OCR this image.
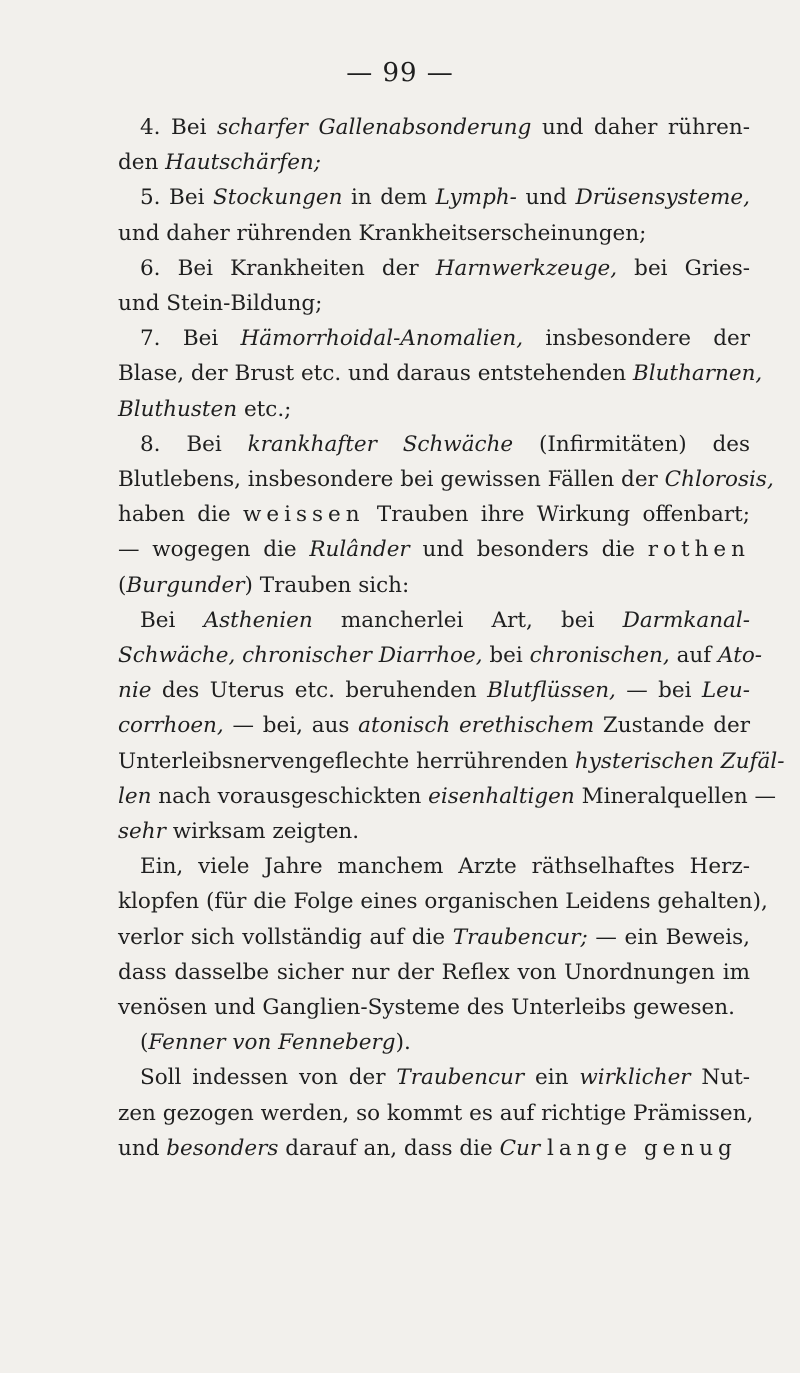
— 99 —
4. Bei scharfer Gallenabsonderung und daher rühren-
den Hautschärfen;
5. Bei Stockungen in dem Lymph- und Drüsensysteme,
und daher rührenden Krankheitserscheinungen;
6. Bei Krankheiten der Harnwerkzeuge, bei Gries-
und Stein-Bildung;
7. Bei Hämorrhoidal-Anomalien, insbesondere der
Blase, der Brust etc. und daraus entstehenden Blutharnen,
Bluthusten etc.;
8. Bei krankhafter Schwäche (Infirmitäten) des
Blutlebens, insbesondere bei gewissen Fällen der Chlorosis,
haben die weissen Trauben ihre Wirkung offenbart;
— wogegen die Rulânder und besonders die rothen
(Burgunder) Trauben sich:
Bei Asthenien mancherlei Art, bei Darmkanal-
Schwäche, chronischer Diarrhoe, bei chronischen, auf Ato-
nie des Uterus etc. beruhenden Blutflüssen, — bei Leu-
corrhoen, — bei, aus atonisch erethischem Zustande der
Unterleibsnervengeflechte herrührenden hysterischen Zufäl-
len nach vorausgeschickten eisenhaltigen Mineralquellen —
sehr wirksam zeigten.
Ein, viele Jahre manchem Arzte räthselhaftes Herz-
klopfen (für die Folge eines organischen Leidens gehalten),
verlor sich vollständig auf die Traubencur; — ein Beweis,
dass dasselbe sicher nur der Reflex von Unordnungen im
venösen und Ganglien-Systeme des Unterleibs gewesen.
(Fenner von Fenneberg).
Soll indessen von der Traubencur ein wirklicher Nut-
zen gezogen werden, so kommt es auf richtige Prämissen,
und besonders darauf an, dass die Cur lange genug
